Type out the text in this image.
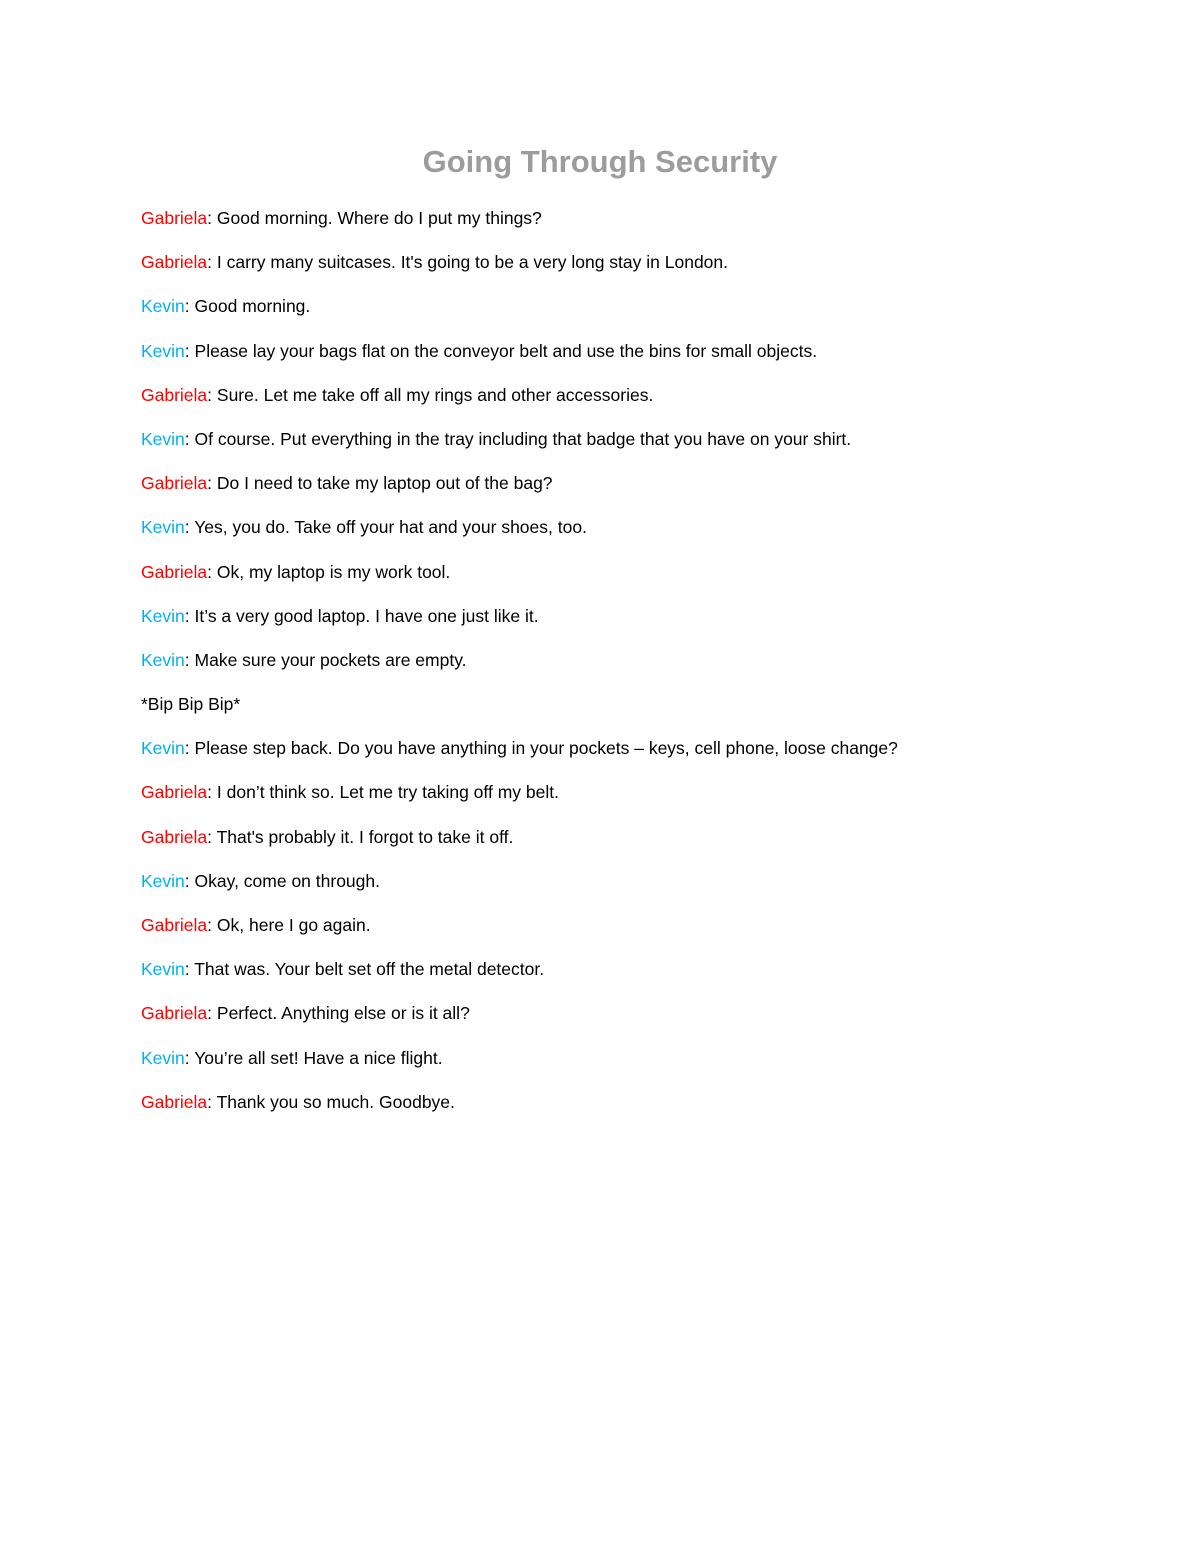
Going Through Security
Gabriela: Good morning. Where do I put my things?
Gabriela: I carry many suitcases. It's going to be a very long stay in London.
Kevin: Good morning.
Kevin: Please lay your bags flat on the conveyor belt and use the bins for small objects.
Gabriela: Sure. Let me take off all my rings and other accessories.
Kevin: Of course. Put everything in the tray including that badge that you have on your shirt.
Gabriela: Do I need to take my laptop out of the bag?
Kevin: Yes, you do. Take off your hat and your shoes, too.
Gabriela: Ok, my laptop is my work tool.
Kevin: It’s a very good laptop. I have one just like it.
Kevin: Make sure your pockets are empty.
*Bip Bip Bip*
Kevin: Please step back. Do you have anything in your pockets – keys, cell phone, loose change?
Gabriela: I don’t think so. Let me try taking off my belt.
Gabriela: That's probably it. I forgot to take it off.
Kevin: Okay, come on through.
Gabriela: Ok, here I go again.
Kevin: That was. Your belt set off the metal detector.
Gabriela: Perfect. Anything else or is it all?
Kevin: You’re all set! Have a nice flight.
Gabriela: Thank you so much. Goodbye.
